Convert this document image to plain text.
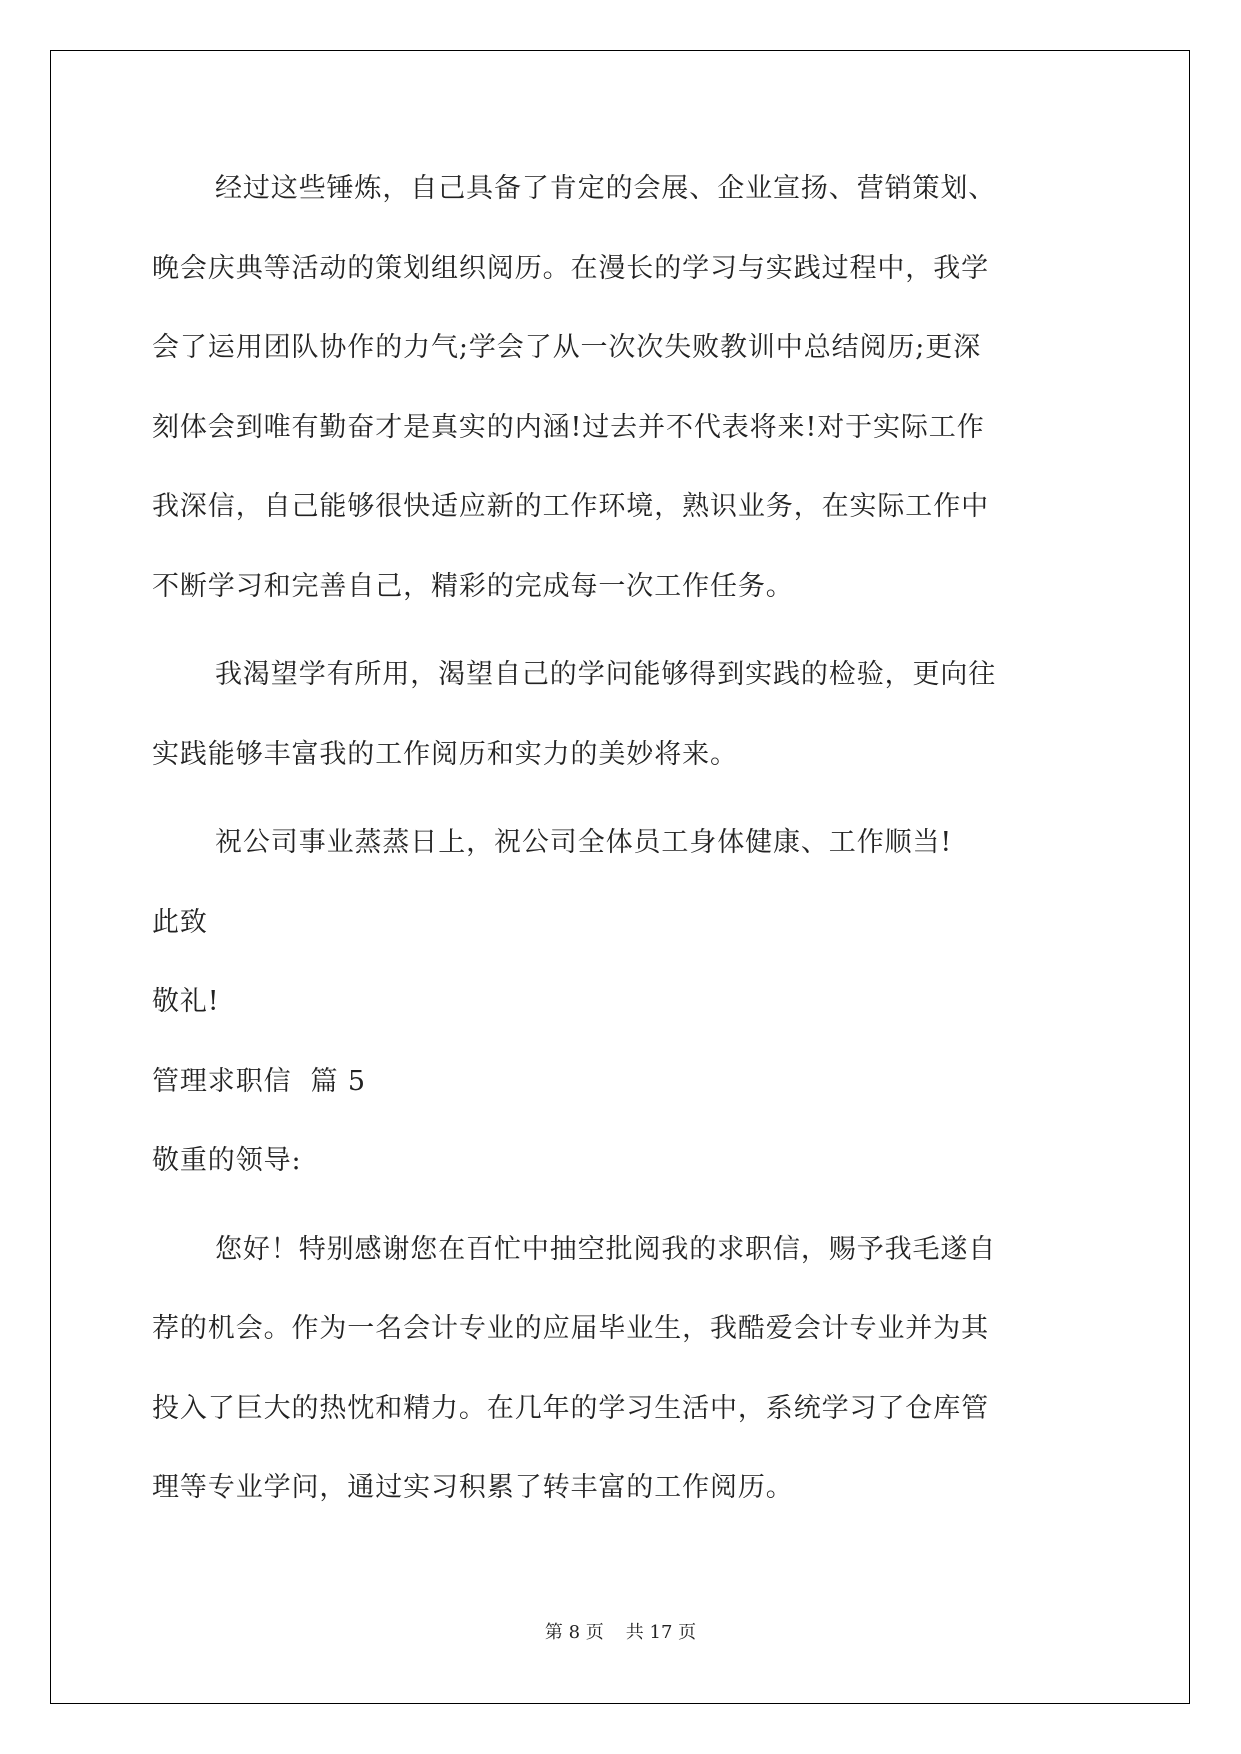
经过这些锤炼，自己具备了肯定的会展、企业宣扬、营销策划、
晚会庆典等活动的策划组织阅历。在漫长的学习与实践过程中，我学
会了运用团队协作的力气;学会了从一次次失败教训中总结阅历;更深
刻体会到唯有勤奋才是真实的内涵!过去并不代表将来!对于实际工作
我深信，自己能够很快适应新的工作环境，熟识业务，在实际工作中
不断学习和完善自己，精彩的完成每一次工作任务。
我渴望学有所用，渴望自己的学问能够得到实践的检验，更向往
实践能够丰富我的工作阅历和实力的美妙将来。
祝公司事业蒸蒸日上，祝公司全体员工身体健康、工作顺当!
此致
敬礼!
管理求职信  篇 5
敬重的领导:
您好！特别感谢您在百忙中抽空批阅我的求职信，赐予我毛遂自
荐的机会。作为一名会计专业的应届毕业生，我酷爱会计专业并为其
投入了巨大的热忱和精力。在几年的学习生活中，系统学习了仓库管
理等专业学问，通过实习积累了转丰富的工作阅历。
第 8 页 共 17 页
